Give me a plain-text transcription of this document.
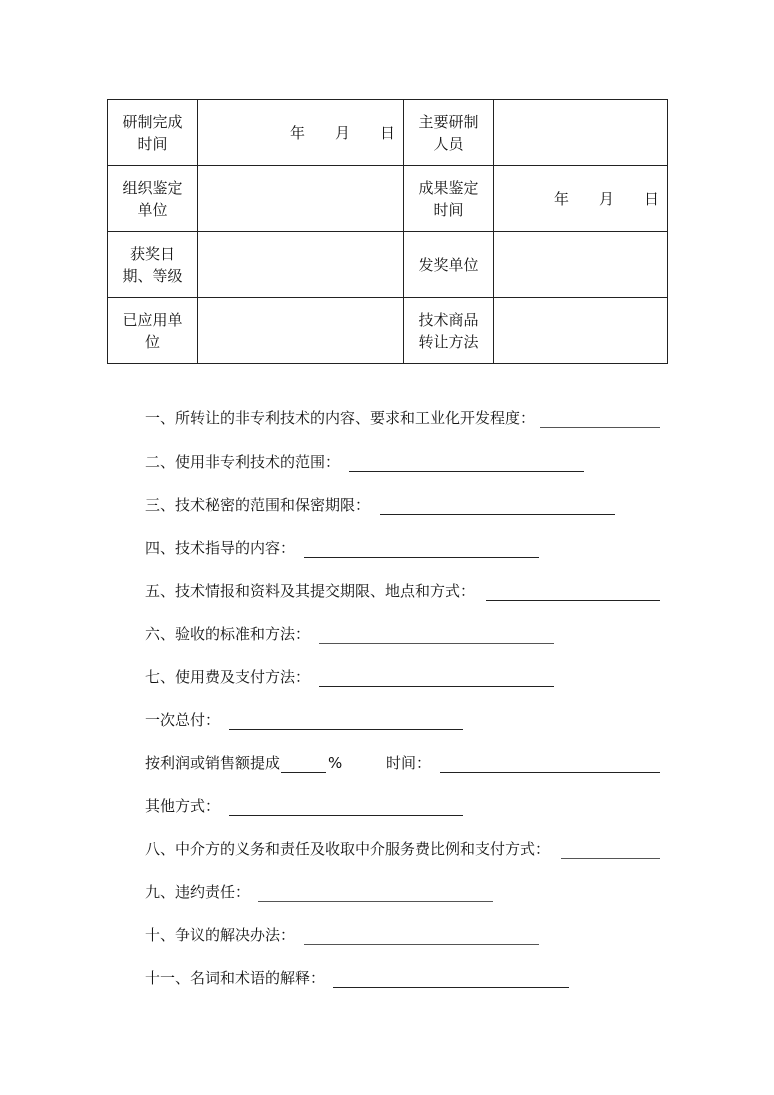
研制完成时间	年 月 日	主要研制人员	
组织鉴定单位		成果鉴定时间	年 月 日

获奖日期、等级		发奖单位	
已应用单位		技术商品转让方法	
一、所转让的非专利技术的内容、要求和工业化开发程度：
二、使用非专利技术的范围：
三、技术秘密的范围和保密期限：
四、技术指导的内容：
五、技术情报和资料及其提交期限、地点和方式：
六、验收的标准和方法：
七、使用费及支付方法：
一次总付：
按利润或销售额提成	%	时间：
其他方式：
八、中介方的义务和责任及收取中介服务费比例和支付方式：
九、违约责任：
十、争议的解决办法：
十一、名词和术语的解释：
